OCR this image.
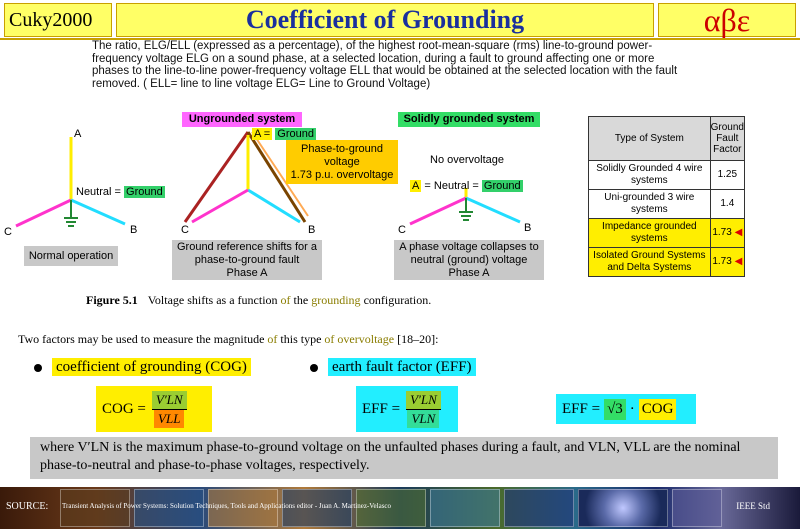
Cuky2000	Coefficient of Grounding	αβε
The ratio, ELG/ELL (expressed as a percentage), of the highest root-mean-square (rms) line-to-ground power-frequency voltage ELG on a sound phase, at a selected location, during a fault to ground affecting one or more phases to the line-to-line power-frequency voltage ELL that would be obtained at the selected location with the fault removed. ( ELL= line to line voltage ELG= Line to Ground Voltage)
A
B
C
Neutral = Ground
Normal operation
Ungrounded system
A = Ground
B
C
Phase-to-ground
voltage
1.73 p.u. overvoltage
Ground reference shifts for a
phase-to-ground fault
Phase A
Solidly grounded system
No overvoltage
A = Neutral = Ground
B
C
A phase voltage collapses to
neutral (ground) voltage
Phase A
Type of System	Ground Fault Factor
Solidly Grounded 4 wire systems	1.25
Uni-grounded 3 wire systems	1.4
Impedance grounded systems	1.73 ◀
Isolated Ground Systems and Delta Systems	1.73 ◀
Figure 5.1 Voltage shifts as a function of the grounding configuration.
Two factors may be used to measure the magnitude of this type of overvoltage [18–20]:
coefficient of grounding (COG)	earth fault factor (EFF)
COG = $\frac{V'LN}{\text{VLL}}$	EFF = $\frac{V'LN}{\text{VLN}}$	EFF = √3 · COG
where V′LN is the maximum phase-to-ground voltage on the unfaulted phases during a fault, and VLN, VLL are the nominal phase-to-neutral and phase-to-phase voltages, respectively.
SOURCE: Transient Analysis of Power Systems: Solution Techniques, Tools and Applications editor - Juan A. Martinez-Velasco	IEEE Std
